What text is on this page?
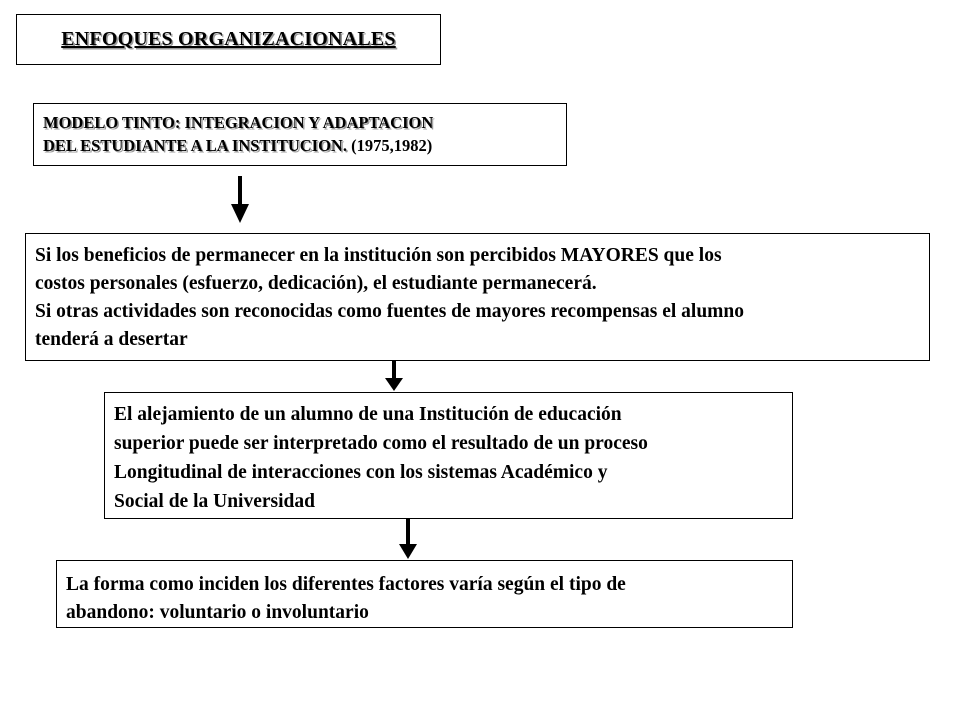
ENFOQUES ORGANIZACIONALES
MODELO TINTO: INTEGRACION Y ADAPTACION
DEL ESTUDIANTE A LA INSTITUCION. (1975,1982)

Si los beneficios de permanecer en la institución son percibidos MAYORES que los

costos personales (esfuerzo, dedicación), el estudiante permanecerá.

Si otras actividades son reconocidas como fuentes de mayores recompensas el alumno

tenderá a desertar

El alejamiento de un alumno de una Institución de educación

superior puede ser interpretado como el resultado de un proceso

Longitudinal de interacciones con los sistemas Académico y

Social de la Universidad

La forma como inciden los diferentes factores varía según el tipo de

abandono: voluntario o involuntario
